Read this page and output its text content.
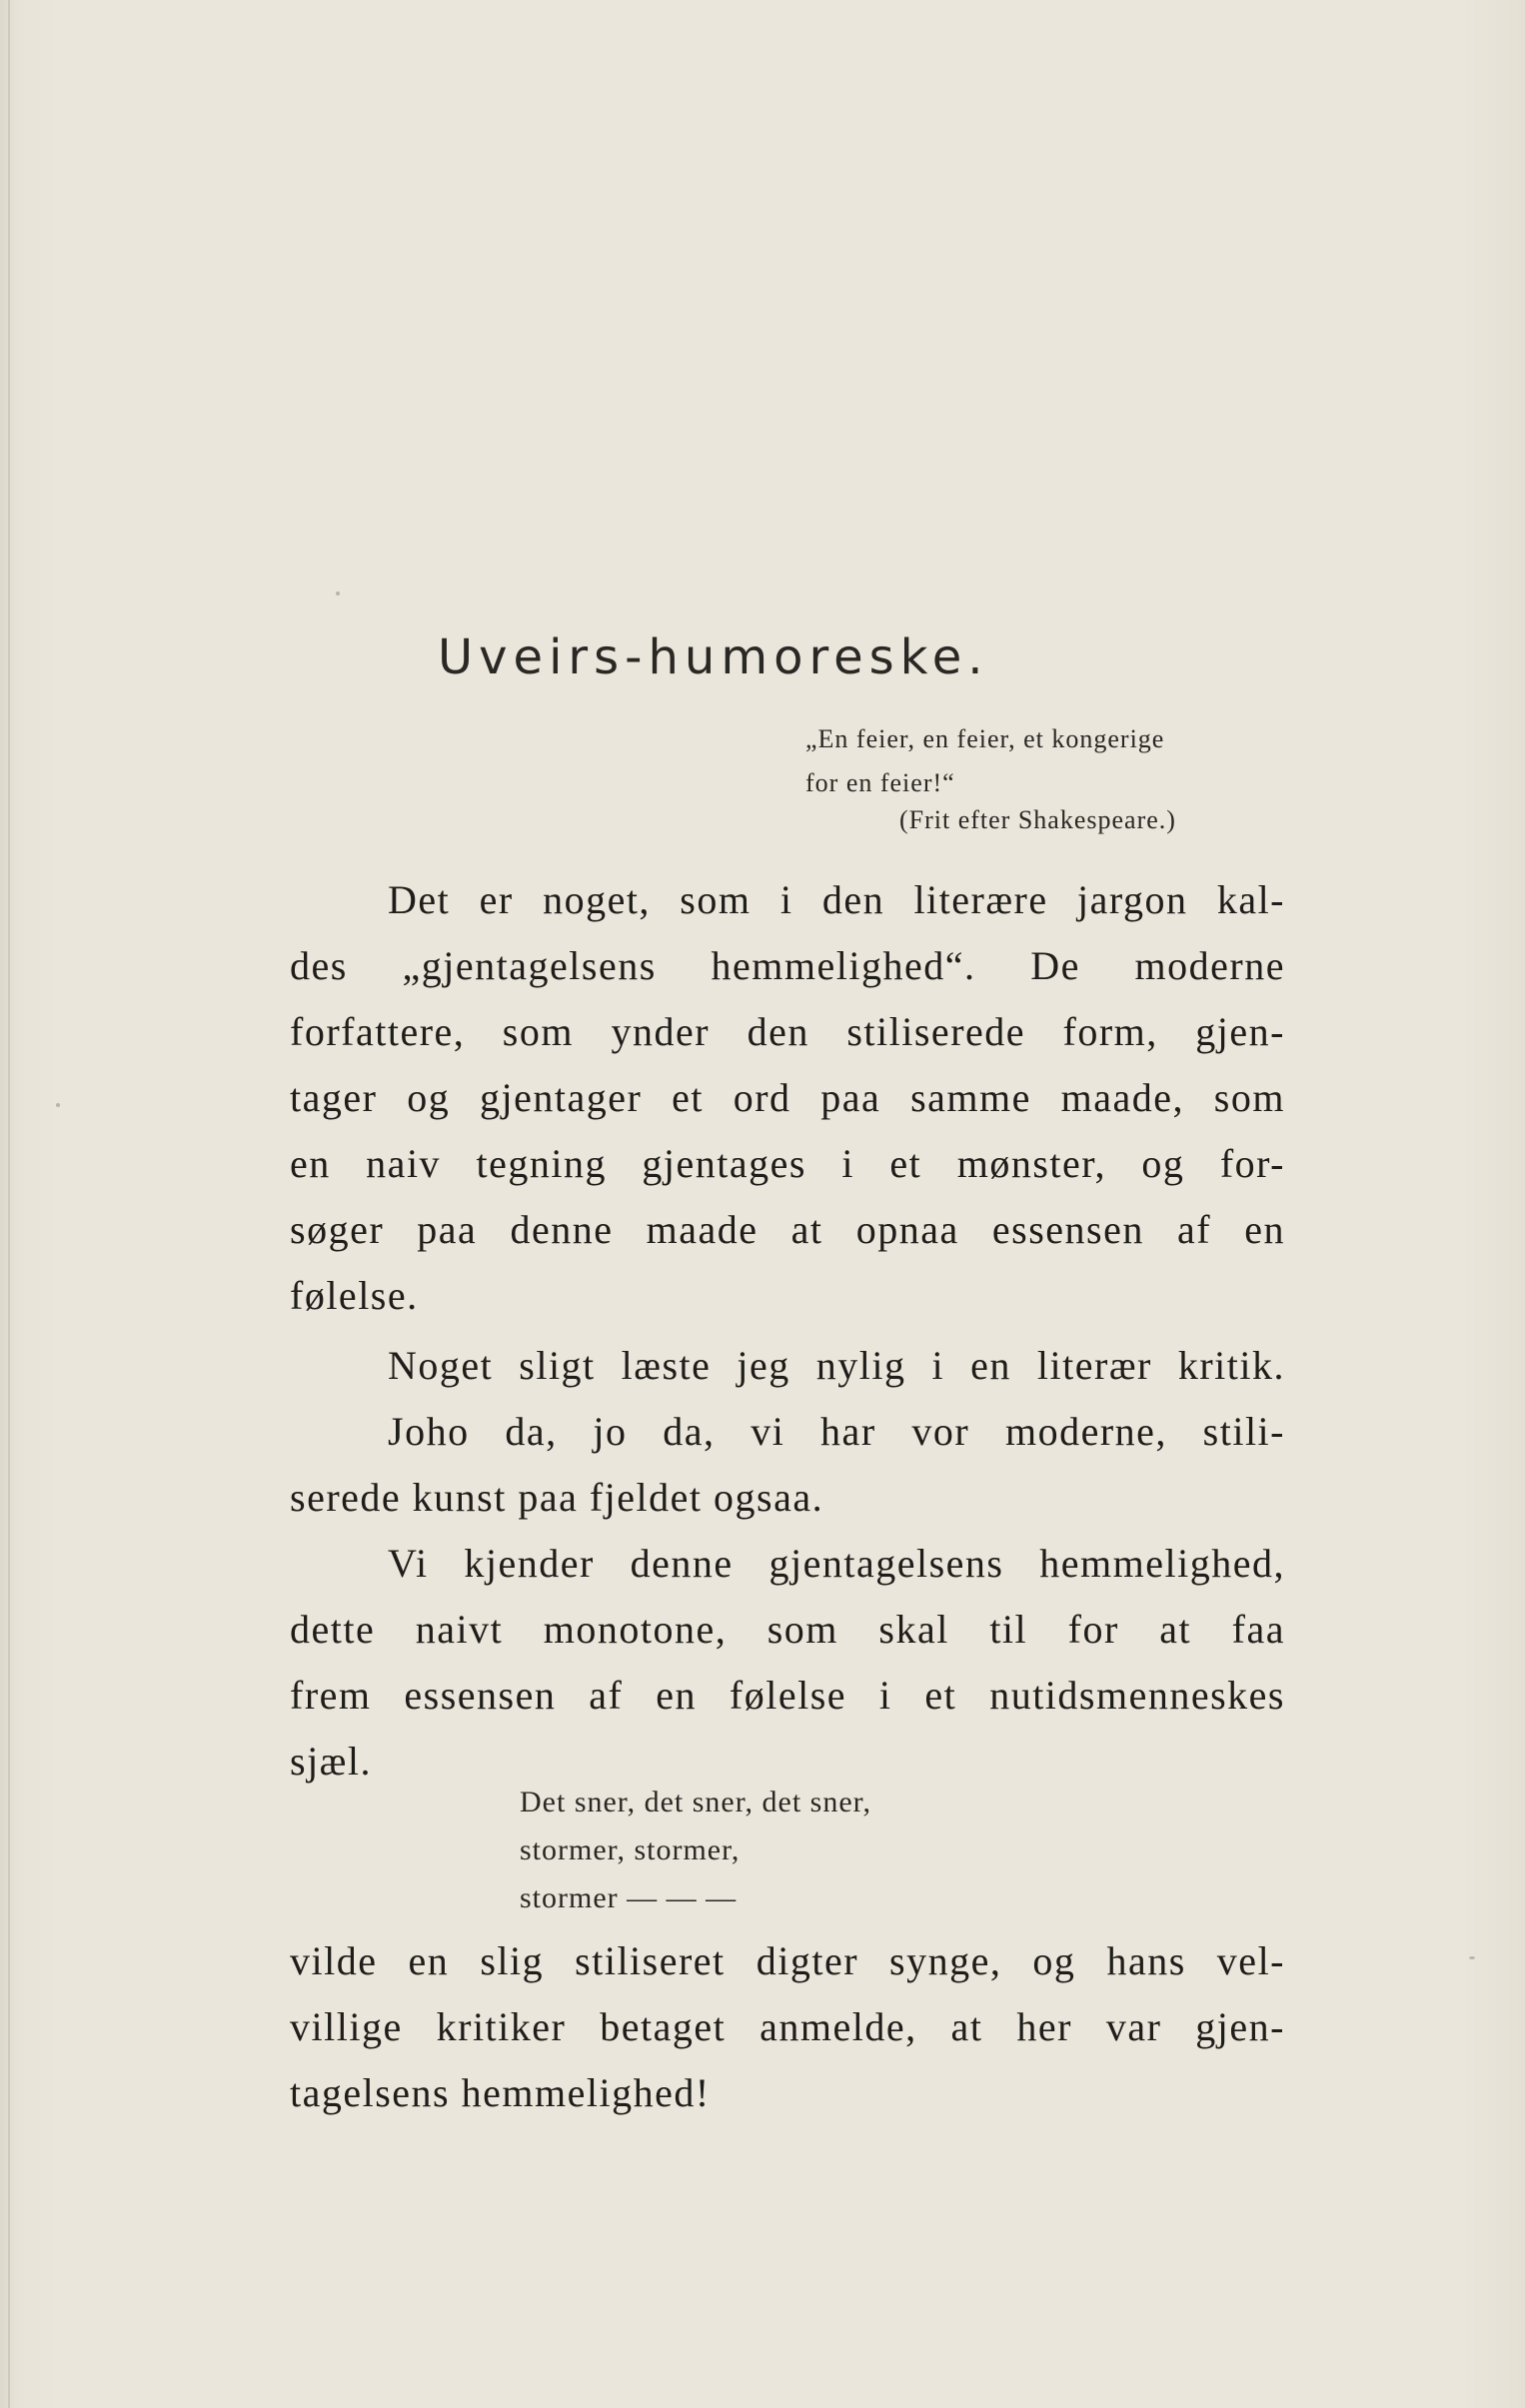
Uveirs-humoreske.
„En feier, en feier, et kongerige
for en feier!“
(Frit efter Shakespeare.)

Det er noget, som i den literære jargon kal-
des „gjentagelsens hemmelighed“. De moderne
forfattere, som ynder den stiliserede form, gjen-
tager og gjentager et ord paa samme maade, som
en naiv tegning gjentages i et mønster, og for-
søger paa denne maade at opnaa essensen af en
følelse.

Noget sligt læste jeg nylig i en literær kritik.
Joho da, jo da, vi har vor moderne, stili-
serede kunst paa fjeldet ogsaa.

Vi kjender denne gjentagelsens hemmelighed,
dette naivt monotone, som skal til for at faa
frem essensen af en følelse i et nutidsmenneskes
sjæl.

Det sner, det sner, det sner,
stormer, stormer,
stormer — — —

vilde en slig stiliseret digter synge, og hans vel-
villige kritiker betaget anmelde, at her var gjen-
tagelsens hemmelighed!
